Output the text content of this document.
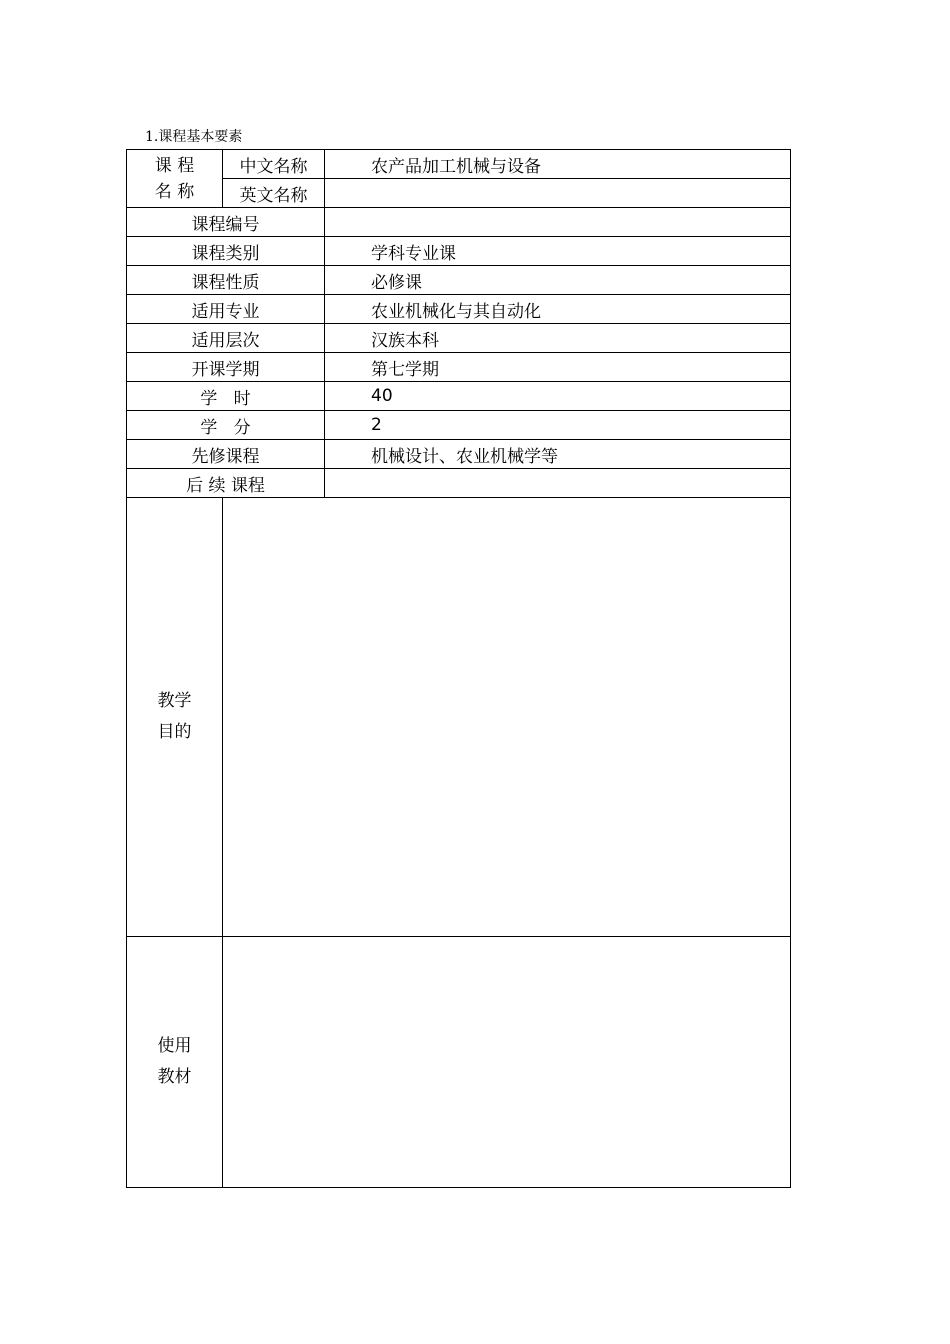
1.课程基本要素
课 程
名 称	中文名称	农产品加工机械与设备
	英文名称	
课程编号		
课程类别		学科专业课
课程性质		必修课
适用专业		农业机械化与其自动化
适用层次		汉族本科
开课学期		第七学期
学   时		40
学   分		2
先修课程		机械设计、农业机械学等
后 续 课程		
教学
目的		
使用
教材		
